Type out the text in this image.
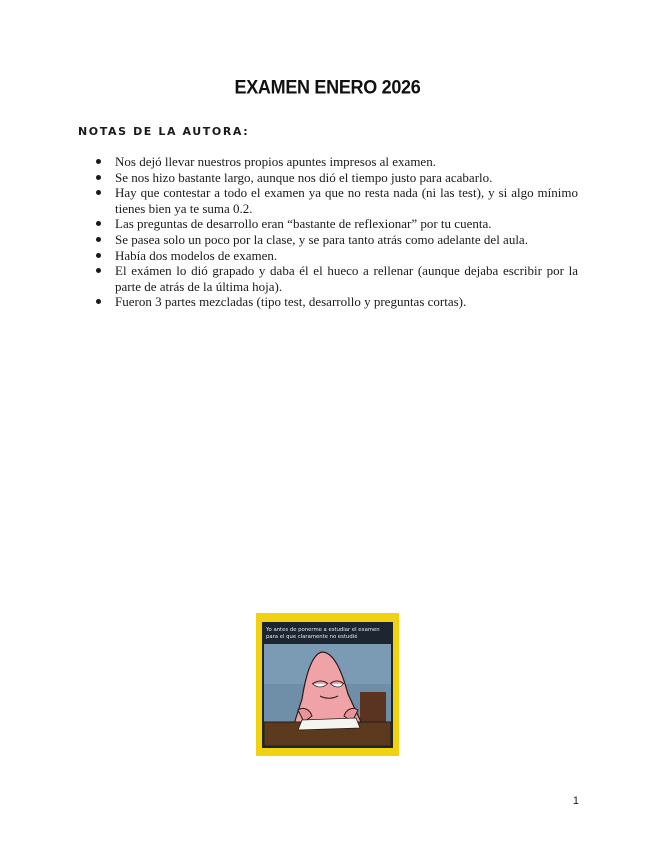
EXAMEN ENERO 2026
NOTAS DE LA AUTORA:
Nos dejó llevar nuestros propios apuntes impresos al examen.
Se nos hizo bastante largo, aunque nos dió el tiempo justo para acabarlo.
Hay que contestar a todo el examen ya que no resta nada (ni las test), y si algo mínimo tienes bien ya te suma 0.2.
Las preguntas de desarrollo eran “bastante de reflexionar” por tu cuenta.
Se pasea solo un poco por la clase, y se para tanto atrás como adelante del aula.
Había dos modelos de examen.
El exámen lo dió grapado y daba él el hueco a rellenar (aunque dejaba escribir por la parte de atrás de la última hoja).
Fueron 3 partes mezcladas (tipo test, desarrollo y preguntas cortas).
Yo antes de ponerme a estudiar el examen para el que claramente no estudié
1
